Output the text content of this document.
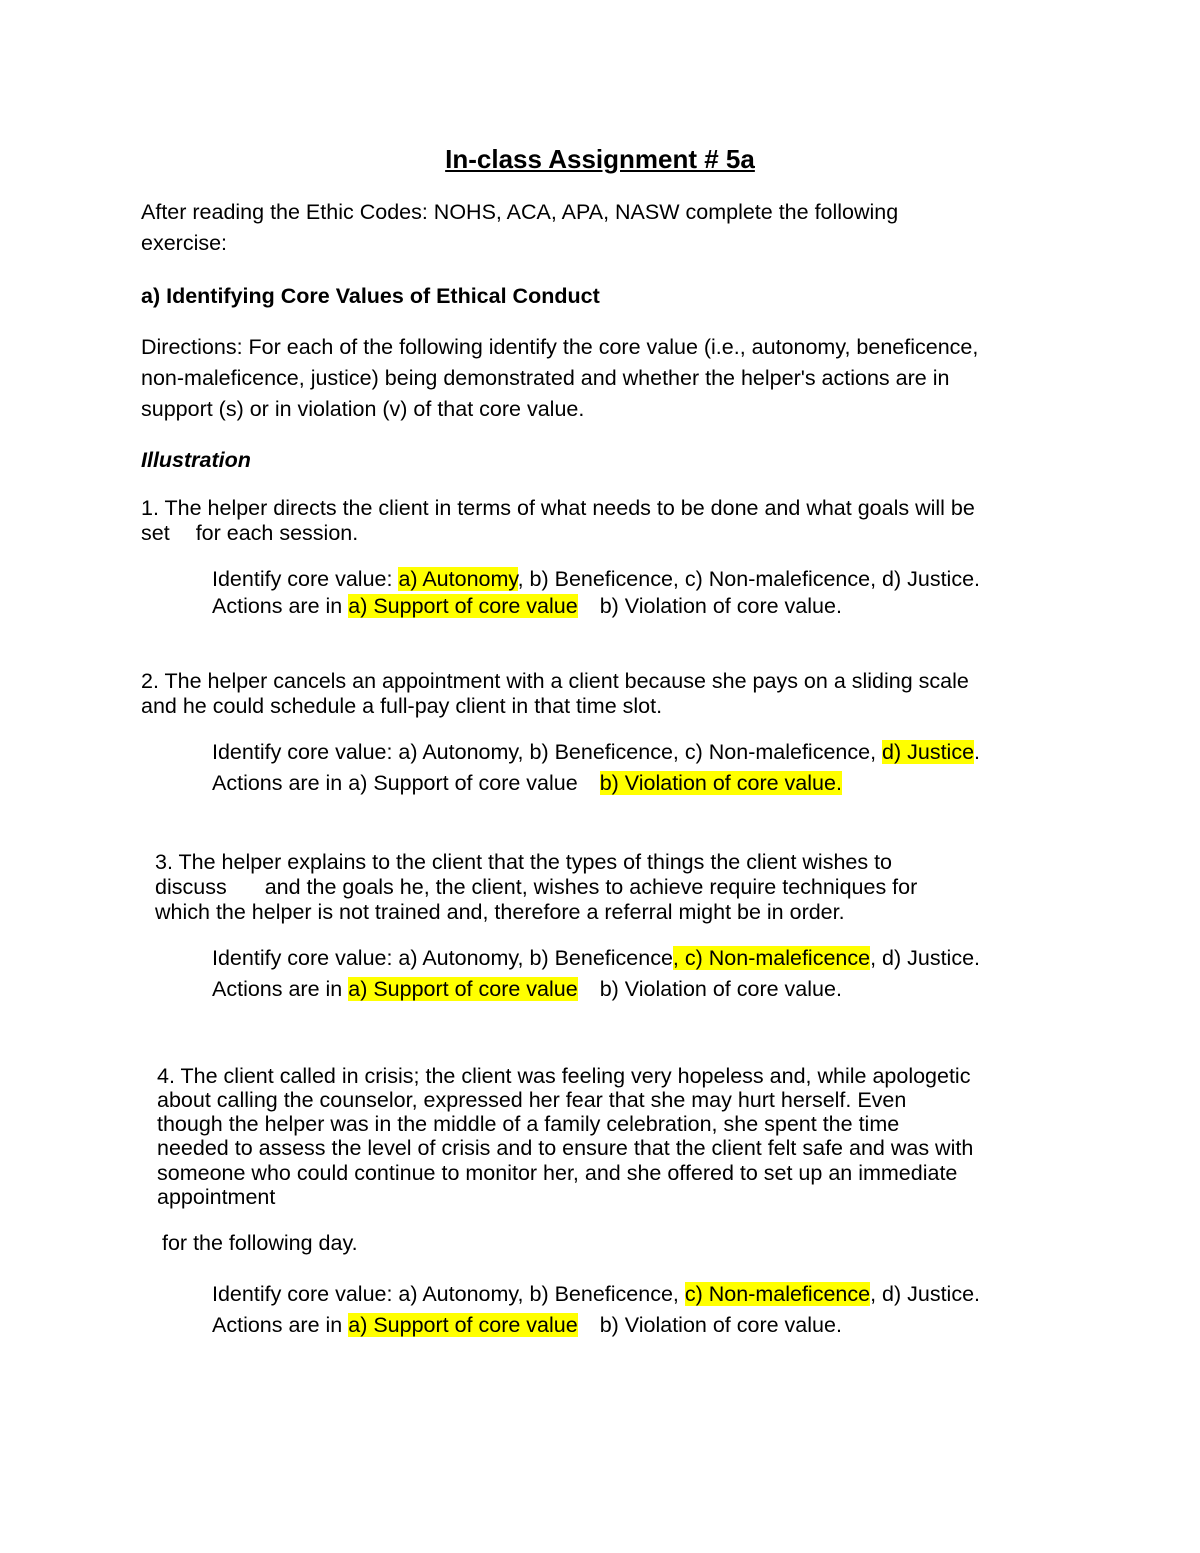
In-class Assignment # 5a
After reading the Ethic Codes: NOHS, ACA, APA, NASW complete the following
exercise:
a) Identifying Core Values of Ethical Conduct
Directions: For each of the following identify the core value (i.e., autonomy, beneficence,
non-maleficence, justice) being demonstrated and whether the helper's actions are in
support (s) or in violation (v) of that core value.
Illustration
1. The helper directs the client in terms of what needs to be done and what goals will be
set for each session.
Identify core value: a) Autonomy, b) Beneficence, c) Non-maleficence, d) Justice.
Actions are in a) Support of core value b) Violation of core value.
2. The helper cancels an appointment with a client because she pays on a sliding scale
and he could schedule a full-pay client in that time slot.
Identify core value: a) Autonomy, b) Beneficence, c) Non-maleficence, d) Justice.
Actions are in a) Support of core value b) Violation of core value.
3. The helper explains to the client that the types of things the client wishes to
discuss and the goals he, the client, wishes to achieve require techniques for
which the helper is not trained and, therefore a referral might be in order.
Identify core value: a) Autonomy, b) Beneficence, c) Non-maleficence, d) Justice.
Actions are in a) Support of core value b) Violation of core value.
4. The client called in crisis; the client was feeling very hopeless and, while apologetic
about calling the counselor, expressed her fear that she may hurt herself. Even
though the helper was in the middle of a family celebration, she spent the time
needed to assess the level of crisis and to ensure that the client felt safe and was with
someone who could continue to monitor her, and she offered to set up an immediate
appointment
for the following day.
Identify core value: a) Autonomy, b) Beneficence, c) Non-maleficence, d) Justice.
Actions are in a) Support of core value b) Violation of core value.
